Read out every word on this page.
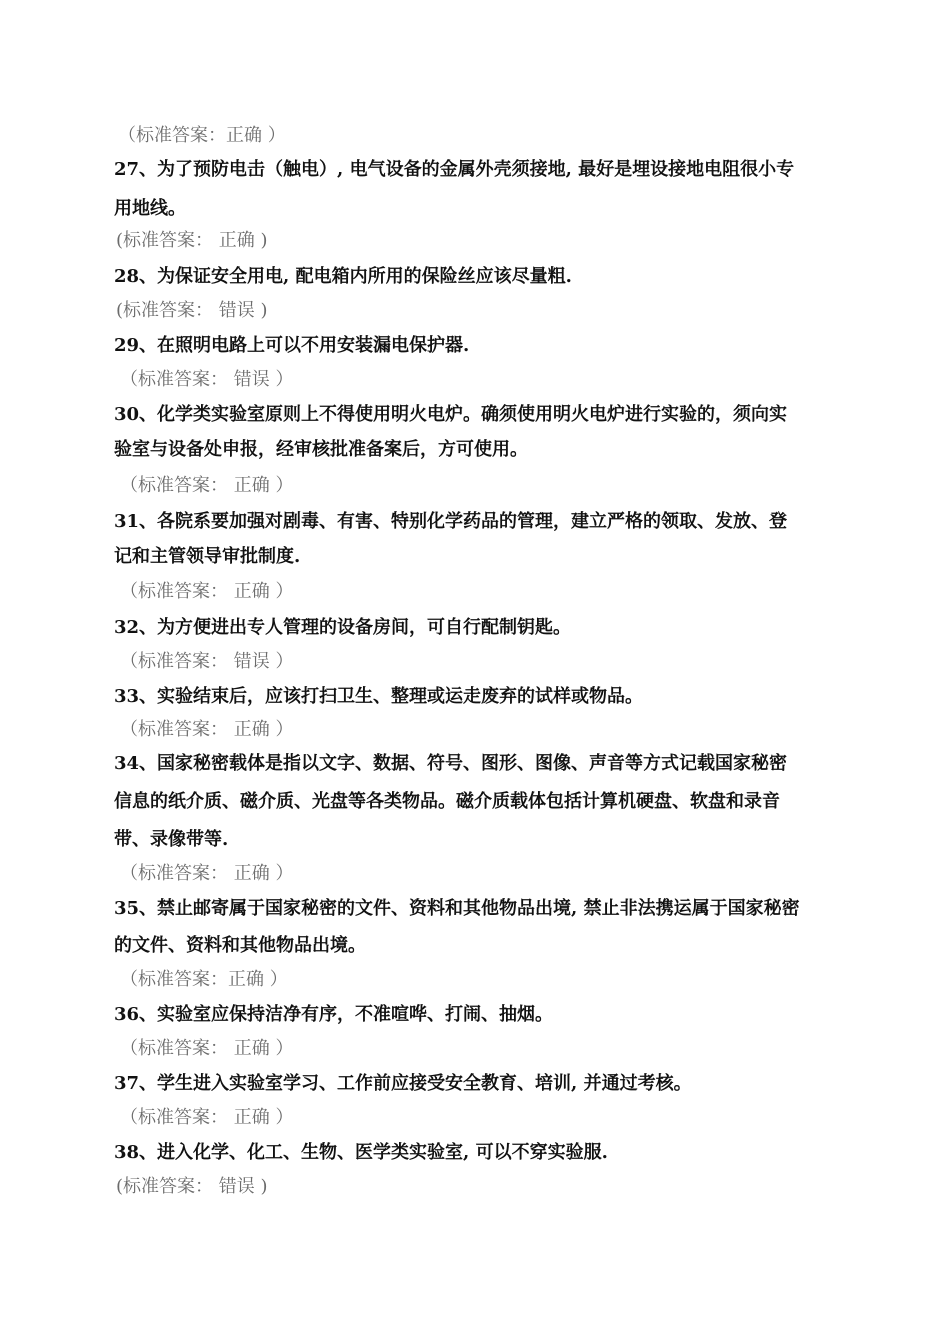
（标准答案：正确 ）
27、为了预防电击（触电）, 电气设备的金属外壳须接地, 最好是埋设接地电阻很小专
用地线。
(标准答案： 正确 )
28、为保证安全用电, 配电箱内所用的保险丝应该尽量粗.
(标准答案： 错误 )
29、在照明电路上可以不用安装漏电保护器.
（标准答案： 错误 ）
30、化学类实验室原则上不得使用明火电炉。确须使用明火电炉进行实验的，须向实
验室与设备处申报，经审核批准备案后，方可使用。
（标准答案： 正确 ）
31、各院系要加强对剧毒、有害、特别化学药品的管理，建立严格的领取、发放、登
记和主管领导审批制度.
（标准答案： 正确 ）
32、为方便进出专人管理的设备房间，可自行配制钥匙。
（标准答案： 错误 ）
33、实验结束后，应该打扫卫生、整理或运走废弃的试样或物品。
（标准答案： 正确 ）
34、国家秘密载体是指以文字、数据、符号、图形、图像、声音等方式记载国家秘密
信息的纸介质、磁介质、光盘等各类物品。磁介质载体包括计算机硬盘、软盘和录音
带、录像带等.
（标准答案： 正确 ）
35、禁止邮寄属于国家秘密的文件、资料和其他物品出境, 禁止非法携运属于国家秘密
的文件、资料和其他物品出境。
（标准答案：正确 ）
36、实验室应保持洁净有序，不准喧哗、打闹、抽烟。
（标准答案： 正确 ）
37、学生进入实验室学习、工作前应接受安全教育、培训, 并通过考核。
（标准答案： 正确 ）
38、进入化学、化工、生物、医学类实验室, 可以不穿实验服.
(标准答案： 错误 )
